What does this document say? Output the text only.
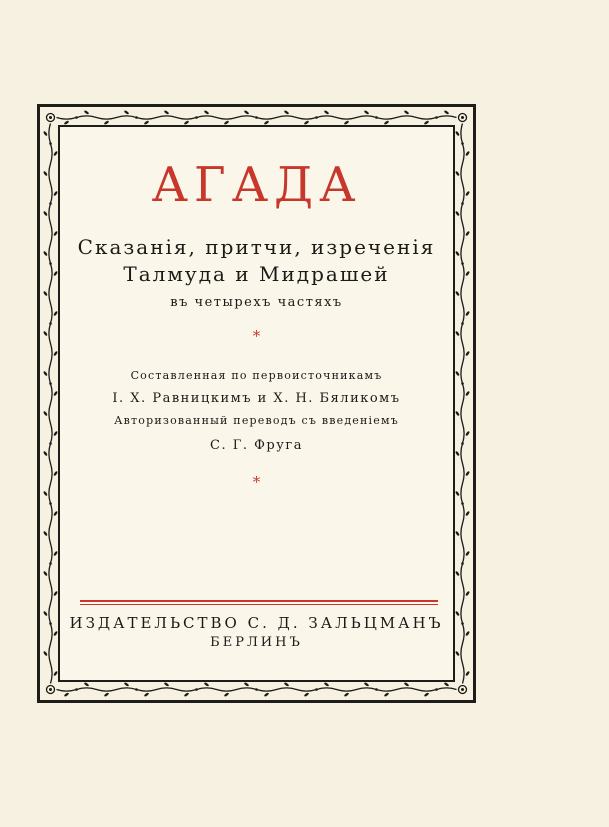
АГАДА
Сказанія, притчи, изреченія
Талмуда и Мидрашей
въ четырехъ частяхъ
*
Составленная по первоисточникамъ
І. Х. Равницкимъ и Х. Н. Бяликомъ
Авторизованный переводъ съ введеніемъ
С. Г. Фруга
*
ИЗДАТЕЛЬСТВО С. Д. ЗАЛЬЦМАНЪ
БЕРЛИНЪ
